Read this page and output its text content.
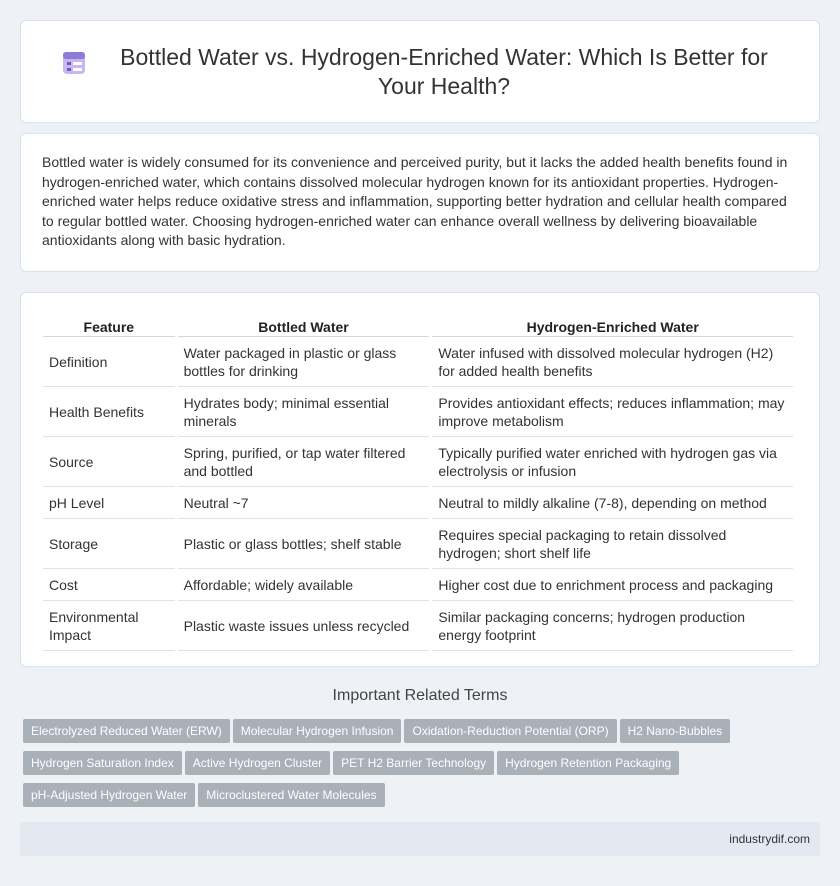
Bottled Water vs. Hydrogen-Enriched Water: Which Is Better for Your Health?

Bottled water is widely consumed for its convenience and perceived purity, but it lacks the added health benefits found in hydrogen-enriched water, which contains dissolved molecular hydrogen known for its antioxidant properties. Hydrogen-enriched water helps reduce oxidative stress and inflammation, supporting better hydration and cellular health compared to regular bottled water. Choosing hydrogen-enriched water can enhance overall wellness by delivering bioavailable antioxidants along with basic hydration.

Feature	Bottled Water	Hydrogen-Enriched Water
Definition	Water packaged in plastic or glass bottles for drinking	Water infused with dissolved molecular hydrogen (H2) for added health benefits
Health Benefits	Hydrates body; minimal essential minerals	Provides antioxidant effects; reduces inflammation; may improve metabolism
Source	Spring, purified, or tap water filtered and bottled	Typically purified water enriched with hydrogen gas via electrolysis or infusion
pH Level	Neutral ~7	Neutral to mildly alkaline (7-8), depending on method
Storage	Plastic or glass bottles; shelf stable	Requires special packaging to retain dissolved hydrogen; short shelf life
Cost	Affordable; widely available	Higher cost due to enrichment process and packaging
Environmental Impact	Plastic waste issues unless recycled	Similar packaging concerns; hydrogen production energy footprint
Important Related Terms
Electrolyzed Reduced Water (ERW) Molecular Hydrogen Infusion Oxidation-Reduction Potential (ORP) H2 Nano-Bubbles
Hydrogen Saturation Index Active Hydrogen Cluster PET H2 Barrier Technology Hydrogen Retention Packaging
pH-Adjusted Hydrogen Water Microclustered Water Molecules
industrydif.com
